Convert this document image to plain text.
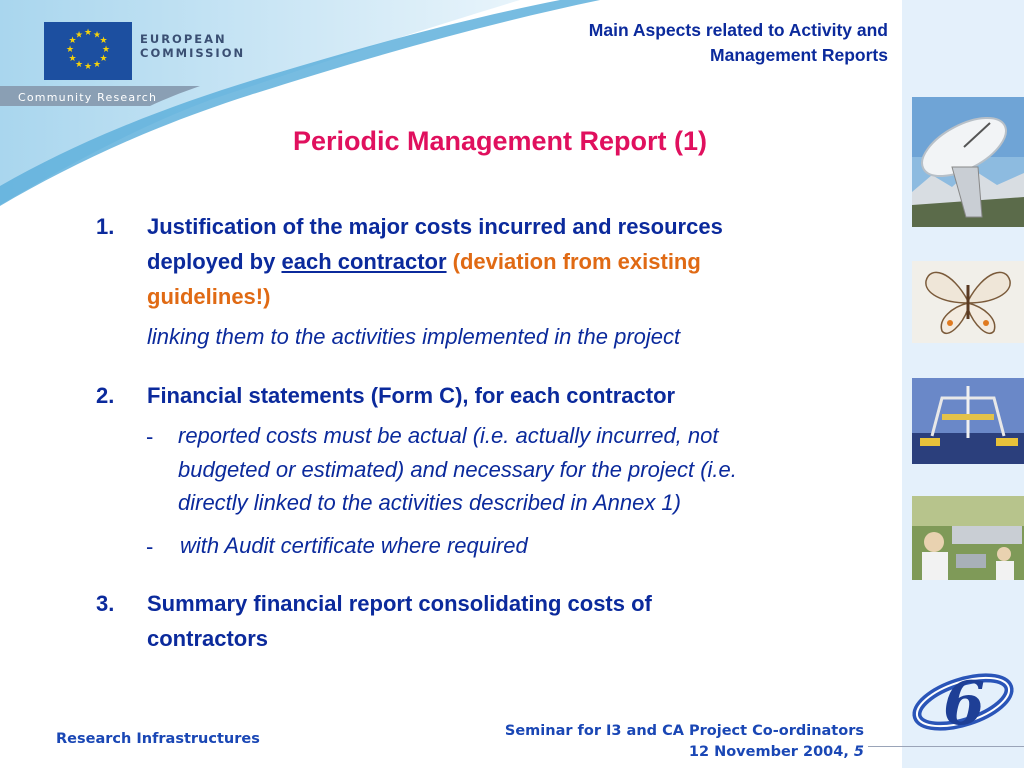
★ ★
★
★
★
★
★
★
★
★
★
★	EUROPEAN
COMMISSION
Community Research
Main Aspects related to Activity and
Management Reports
6
Periodic Management Report (1)
1. Justification of the major costs incurred and resources
deployed by each contractor (deviation from existing
guidelines!)
linking them to the activities implemented in the project
2. Financial statements (Form C), for each contractor
- reported costs must be actual (i.e. actually incurred, not
budgeted or estimated) and necessary for the project (i.e.
directly linked to the activities described in Annex 1)
- with Audit certificate where required
3. Summary financial report consolidating costs of
contractors
Research Infrastructures	Seminar for I3 and CA Project Co-ordinators
12 November 2004, 5
